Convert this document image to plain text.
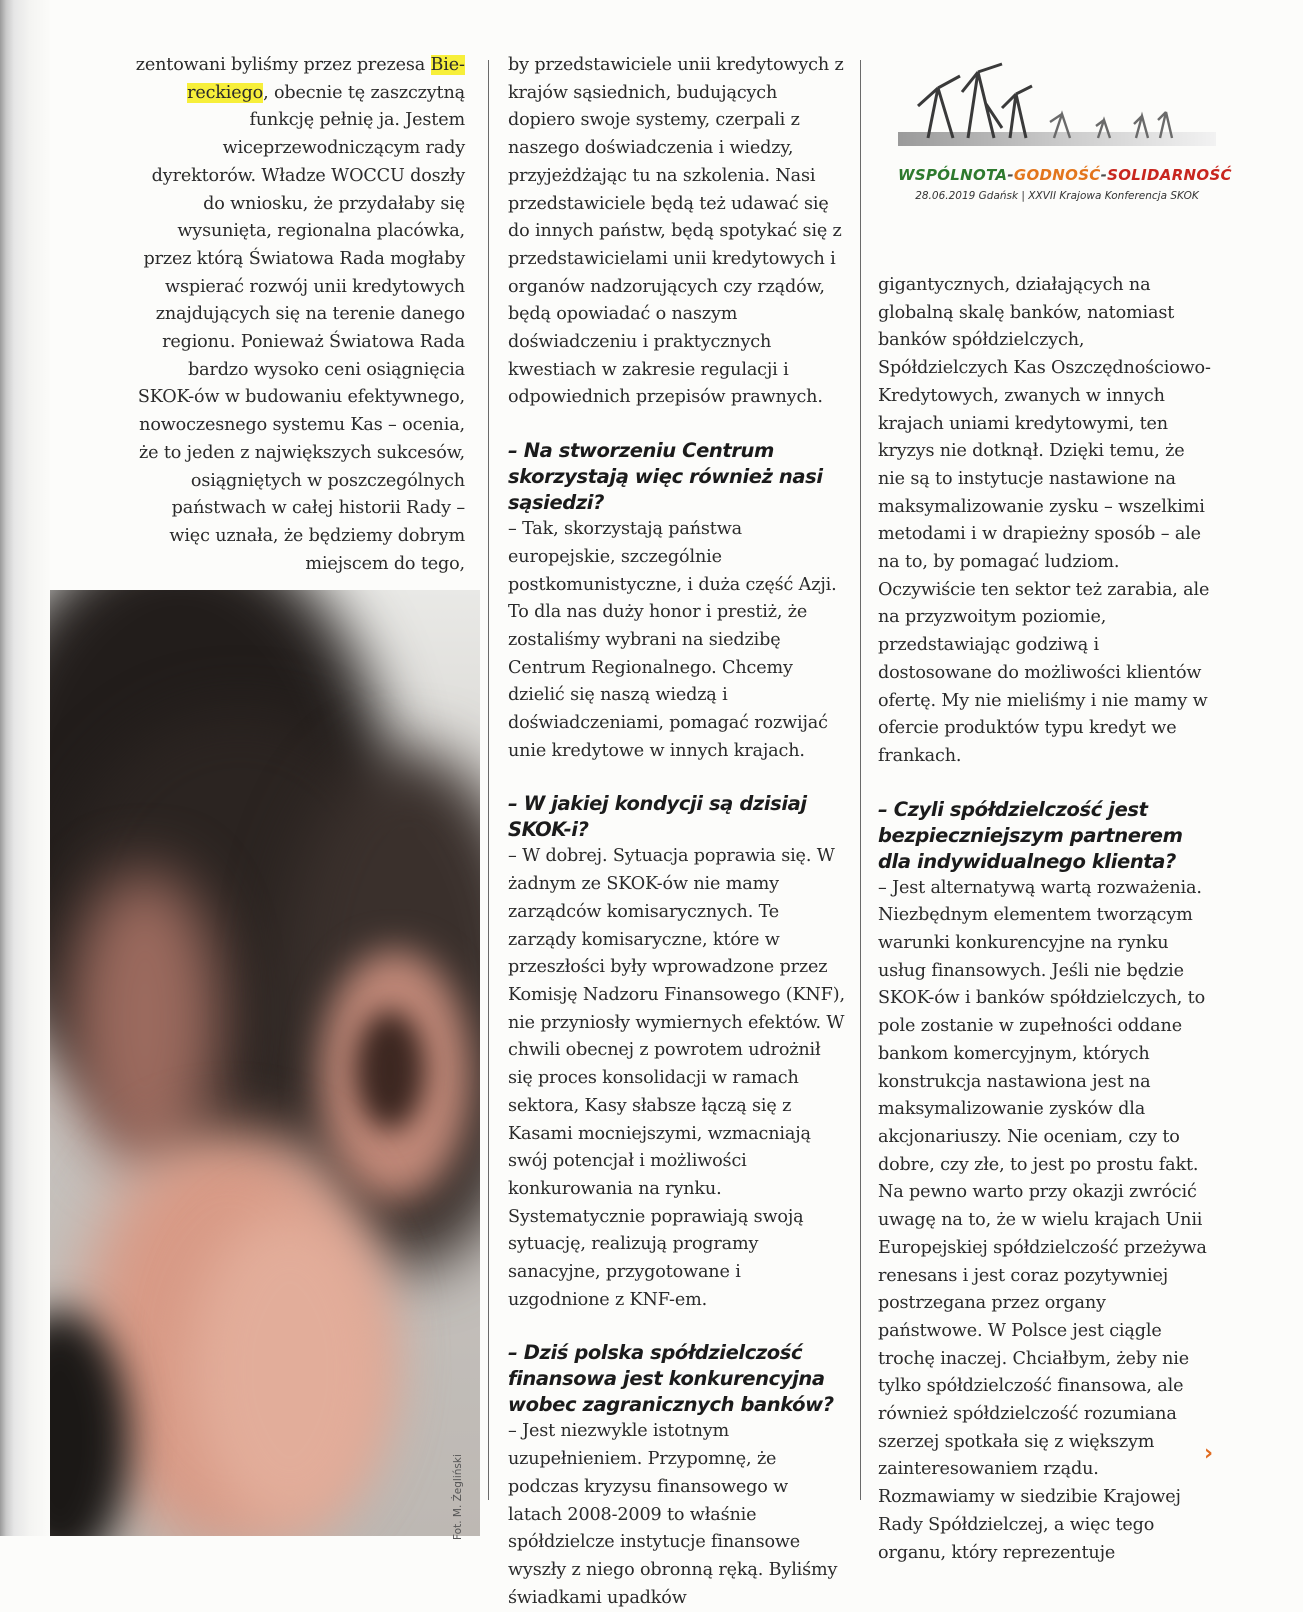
zentowani byliśmy przez prezesa Biereckiego, obecnie tę zaszczytną funkcję pełnię ja. Jestem wiceprzewodniczącym rady dyrektorów. Władze WOCCU doszły do wniosku, że przydałaby się wysunięta, regionalna placówka, przez którą Światowa Rada mogłaby wspierać rozwój unii kredytowych znajdujących się na terenie danego regionu. Ponieważ Światowa Rada bardzo wysoko ceni osiągnięcia SKOK-ów w budowaniu efektywnego, nowoczesnego systemu Kas – ocenia, że to jeden z największych sukcesów, osiągniętych w poszczególnych państwach w całej historii Rady – więc uznała, że będziemy dobrym miejscem do tego,

by przedstawiciele unii kredytowych z krajów sąsiednich, budujących dopiero swoje systemy, czerpali z naszego doświadczenia i wiedzy, przyjeżdżając tu na szkolenia. Nasi przedstawiciele będą też udawać się do innych państw, będą spotykać się z przedstawicielami unii kredytowych i organów nadzorujących czy rządów, będą opowiadać o naszym doświadczeniu i praktycznych kwestiach w zakresie regulacji i odpowiednich przepisów prawnych.

– Na stworzeniu Centrum skorzystają więc również nasi sąsiedzi?

– Tak, skorzystają państwa europejskie, szczególnie postkomunistyczne, i duża część Azji. To dla nas duży honor i prestiż, że zostaliśmy wybrani na siedzibę Centrum Regionalnego. Chcemy dzielić się naszą wiedzą i doświadczeniami, pomagać rozwijać unie kredytowe w innych krajach.

– W jakiej kondycji są dzisiaj SKOK-i?

– W dobrej. Sytuacja poprawia się. W żadnym ze SKOK-ów nie mamy zarządców komisarycznych. Te zarządy komisaryczne, które w przeszłości były wprowadzone przez Komisję Nadzoru Finansowego (KNF), nie przyniosły wymiernych efektów. W chwili obecnej z powrotem udrożnił się proces konsolidacji w ramach sektora, Kasy słabsze łączą się z Kasami mocniejszymi, wzmacniają swój potencjał i możliwości konkurowania na rynku. Systematycznie poprawiają swoją sytuację, realizują programy sanacyjne, przygotowane i uzgodnione z KNF-em.

– Dziś polska spółdzielczość finansowa jest konkurencyjna wobec zagranicznych banków?

– Jest niezwykle istotnym uzupełnieniem. Przypomnę, że podczas kryzysu finansowego w latach 2008-2009 to właśnie spółdzielcze instytucje finansowe wyszły z niego obronną ręką. Byliśmy świadkami upadków

WSPÓLNOTA-GODNOŚĆ-SOLIDARNOŚĆ
28.06.2019 Gdańsk | XXVII Krajowa Konferencja SKOK

gigantycznych, działających na globalną skalę banków, natomiast banków spółdzielczych, Spółdzielczych Kas Oszczędnościowo-Kredytowych, zwanych w innych krajach uniami kredytowymi, ten kryzys nie dotknął. Dzięki temu, że nie są to instytucje nastawione na maksymalizowanie zysku – wszelkimi metodami i w drapieżny sposób – ale na to, by pomagać ludziom. Oczywiście ten sektor też zarabia, ale na przyzwoitym poziomie, przedstawiając godziwą i dostosowane do możliwości klientów ofertę. My nie mieliśmy i nie mamy w ofercie produktów typu kredyt we frankach.

– Czyli spółdzielczość jest bezpieczniejszym partnerem dla indywidualnego klienta?

– Jest alternatywą wartą rozważenia. Niezbędnym elementem tworzącym warunki konkurencyjne na rynku usług finansowych. Jeśli nie będzie SKOK-ów i banków spółdzielczych, to pole zostanie w zupełności oddane bankom komercyjnym, których konstrukcja nastawiona jest na maksymalizowanie zysków dla akcjonariuszy. Nie oceniam, czy to dobre, czy złe, to jest po prostu fakt. Na pewno warto przy okazji zwrócić uwagę na to, że w wielu krajach Unii Europejskiej spółdzielczość przeżywa renesans i jest coraz pozytywniej postrzegana przez organy państwowe. W Polsce jest ciągle trochę inaczej. Chciałbym, żeby nie tylko spółdzielczość finansowa, ale również spółdzielczość rozumiana szerzej spotkała się z większym zainteresowaniem rządu. Rozmawiamy w siedzibie Krajowej Rady Spółdzielczej, a więc tego organu, który reprezentuje

›
